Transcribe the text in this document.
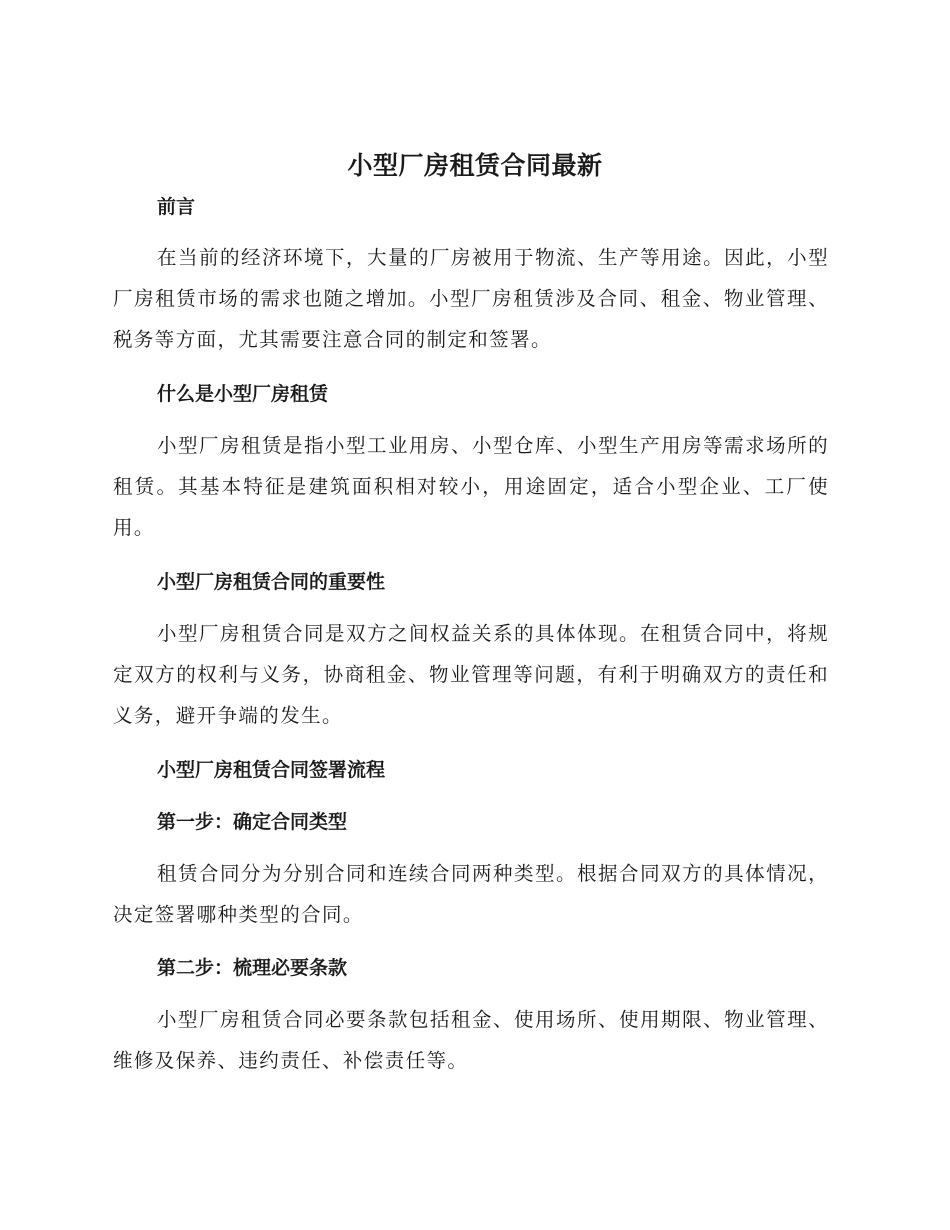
小型厂房租赁合同最新
前言

在当前的经济环境下，大量的厂房被用于物流、生产等用途。因此，小型厂房租赁市场的需求也随之增加。小型厂房租赁涉及合同、租金、物业管理、税务等方面，尤其需要注意合同的制定和签署。

什么是小型厂房租赁

小型厂房租赁是指小型工业用房、小型仓库、小型生产用房等需求场所的租赁。其基本特征是建筑面积相对较小，用途固定，适合小型企业、工厂使用。

小型厂房租赁合同的重要性

小型厂房租赁合同是双方之间权益关系的具体体现。在租赁合同中，将规定双方的权利与义务，协商租金、物业管理等问题，有利于明确双方的责任和义务，避开争端的发生。

小型厂房租赁合同签署流程
第一步：确定合同类型

租赁合同分为分别合同和连续合同两种类型。根据合同双方的具体情况，决定签署哪种类型的合同。

第二步：梳理必要条款

小型厂房租赁合同必要条款包括租金、使用场所、使用期限、物业管理、维修及保养、违约责任、补偿责任等。
